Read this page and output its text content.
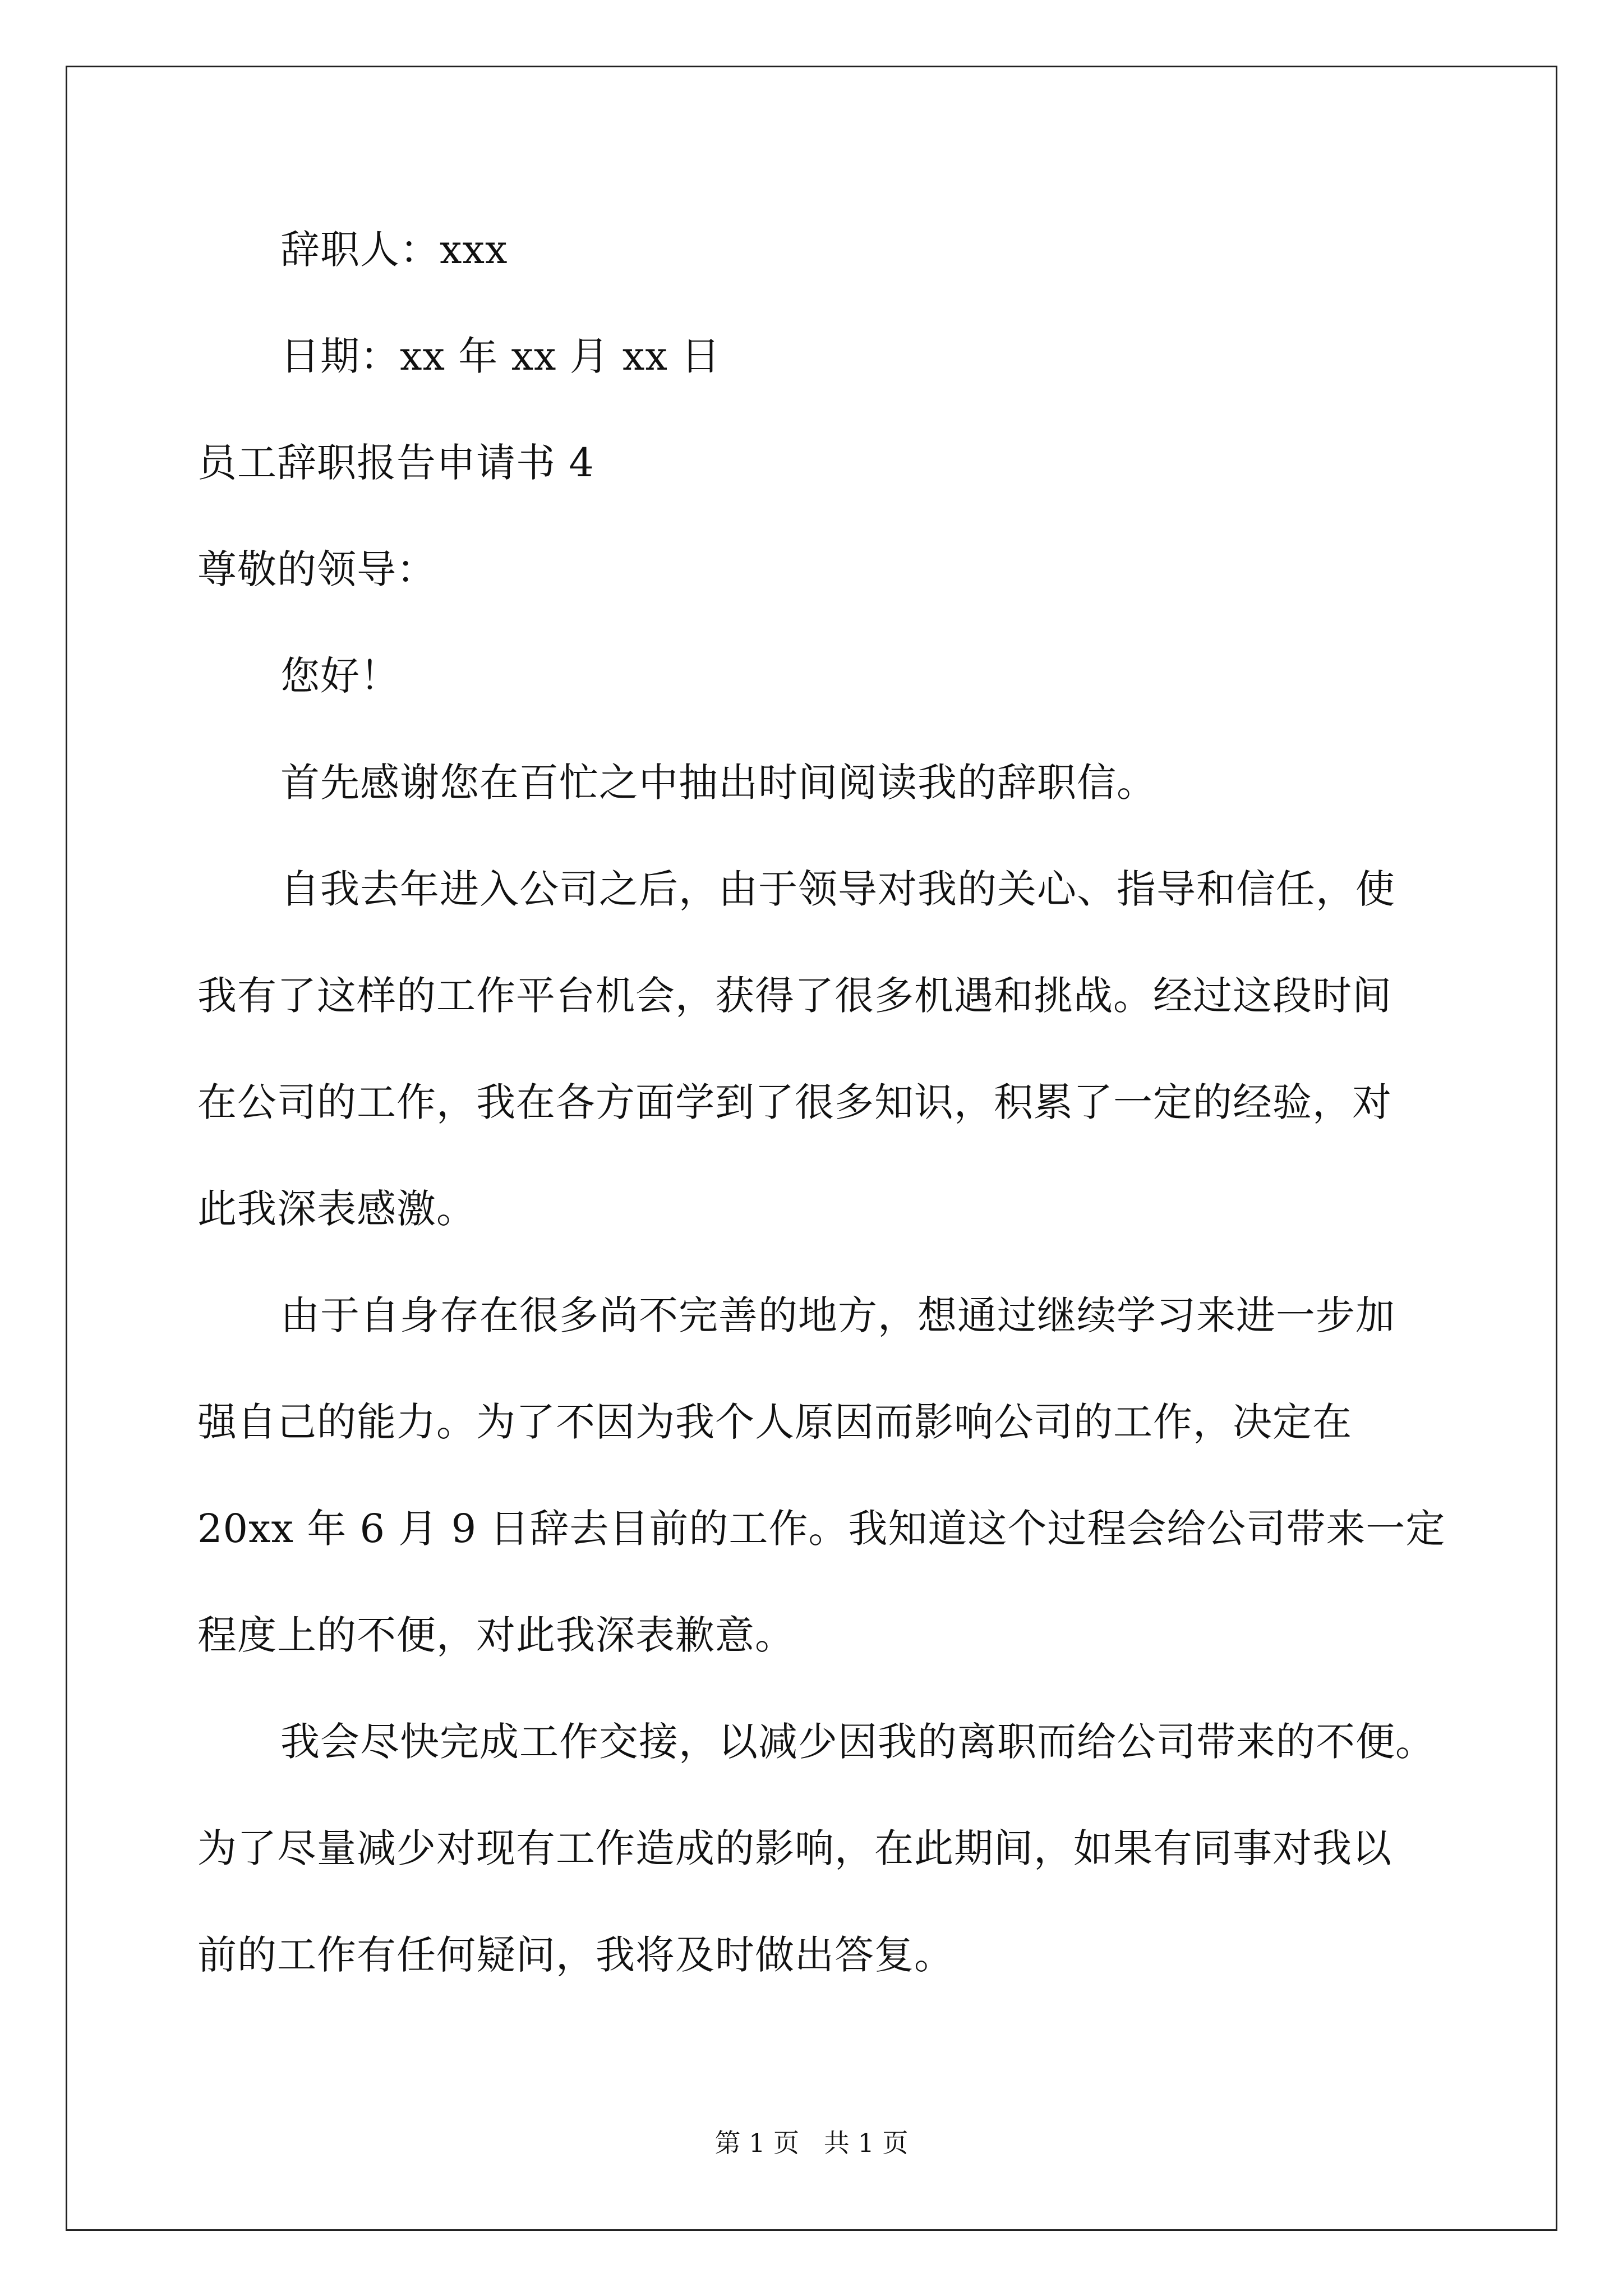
辞职人：xxx
日期：xx 年 xx 月 xx 日
员工辞职报告申请书 4
尊敬的领导：
您好！
首先感谢您在百忙之中抽出时间阅读我的辞职信。
自我去年进入公司之后，由于领导对我的关心、指导和信任，使
我有了这样的工作平台机会，获得了很多机遇和挑战。经过这段时间
在公司的工作，我在各方面学到了很多知识，积累了一定的经验，对
此我深表感激。
由于自身存在很多尚不完善的地方，想通过继续学习来进一步加
强自己的能力。为了不因为我个人原因而影响公司的工作，决定在
20xx 年 6 月 9 日辞去目前的工作。我知道这个过程会给公司带来一定
程度上的不便，对此我深表歉意。
我会尽快完成工作交接，以减少因我的离职而给公司带来的不便。
为了尽量减少对现有工作造成的影响，在此期间，如果有同事对我以
前的工作有任何疑问，我将及时做出答复。
第 1 页   共 1 页
